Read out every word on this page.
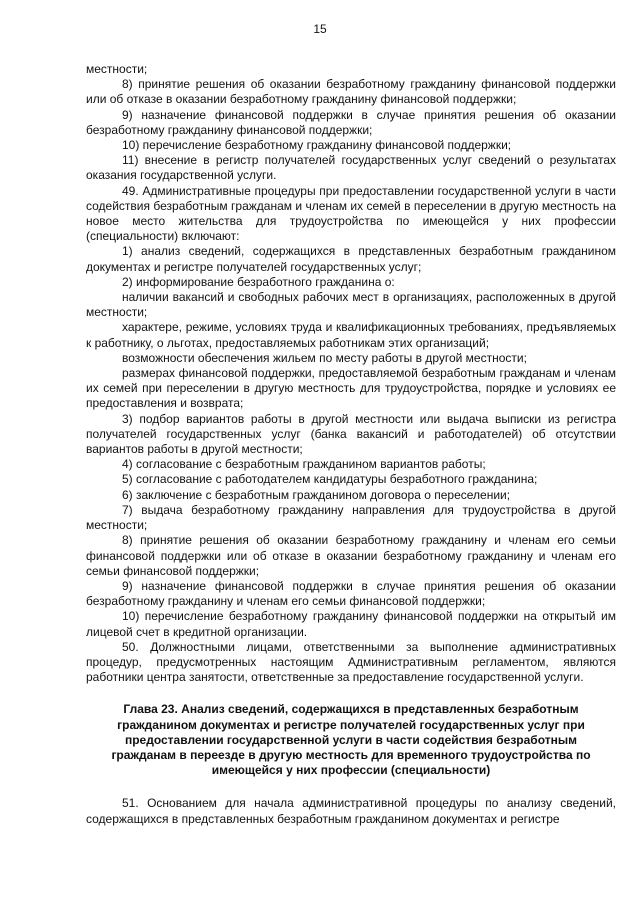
15

местности;

8) принятие решения об оказании безработному гражданину финансовой поддержки или об отказе в оказании безработному гражданину финансовой поддержки;

9) назначение финансовой поддержки в случае принятия решения об оказании безработному гражданину финансовой поддержки;

10) перечисление безработному гражданину финансовой поддержки;

11) внесение в регистр получателей государственных услуг сведений о результатах оказания государственной услуги.

49. Административные процедуры при предоставлении государственной услуги в части содействия безработным гражданам и членам их семей в переселении в другую местность на новое место жительства для трудоустройства по имеющейся у них профессии (специальности) включают:

1) анализ сведений, содержащихся в представленных безработным гражданином документах и регистре получателей государственных услуг;

2) информирование безработного гражданина о:

наличии вакансий и свободных рабочих мест в организациях, расположенных в другой местности;

характере, режиме, условиях труда и квалификационных требованиях, предъявляемых к работнику, о льготах, предоставляемых работникам этих организаций;

возможности обеспечения жильем по месту работы в другой местности;

размерах финансовой поддержки, предоставляемой безработным гражданам и членам их семей при переселении в другую местность для трудоустройства, порядке и условиях ее предоставления и возврата;

3) подбор вариантов работы в другой местности или выдача выписки из регистра получателей государственных услуг (банка вакансий и работодателей) об отсутствии вариантов работы в другой местности;

4) согласование с безработным гражданином вариантов работы;

5) согласование с работодателем кандидатуры безработного гражданина;

6) заключение с безработным гражданином договора о переселении;

7) выдача безработному гражданину направления для трудоустройства в другой местности;

8) принятие решения об оказании безработному гражданину и членам его семьи финансовой поддержки или об отказе в оказании безработному гражданину и членам его семьи финансовой поддержки;

9) назначение финансовой поддержки в случае принятия решения об оказании безработному гражданину и членам его семьи финансовой поддержки;

10) перечисление безработному гражданину финансовой поддержки на открытый им лицевой счет в кредитной организации.

50. Должностными лицами, ответственными за выполнение административных процедур, предусмотренных настоящим Административным регламентом, являются работники центра занятости, ответственные за предоставление государственной услуги.

Глава 23. Анализ сведений, содержащихся в представленных безработным гражданином документах и регистре получателей государственных услуг при предоставлении государственной услуги в части содействия безработным гражданам в переезде в другую местность для временного трудоустройства по имеющейся у них профессии (специальности)

51. Основанием для начала административной процедуры по анализу сведений, содержащихся в представленных безработным гражданином документах и регистре
